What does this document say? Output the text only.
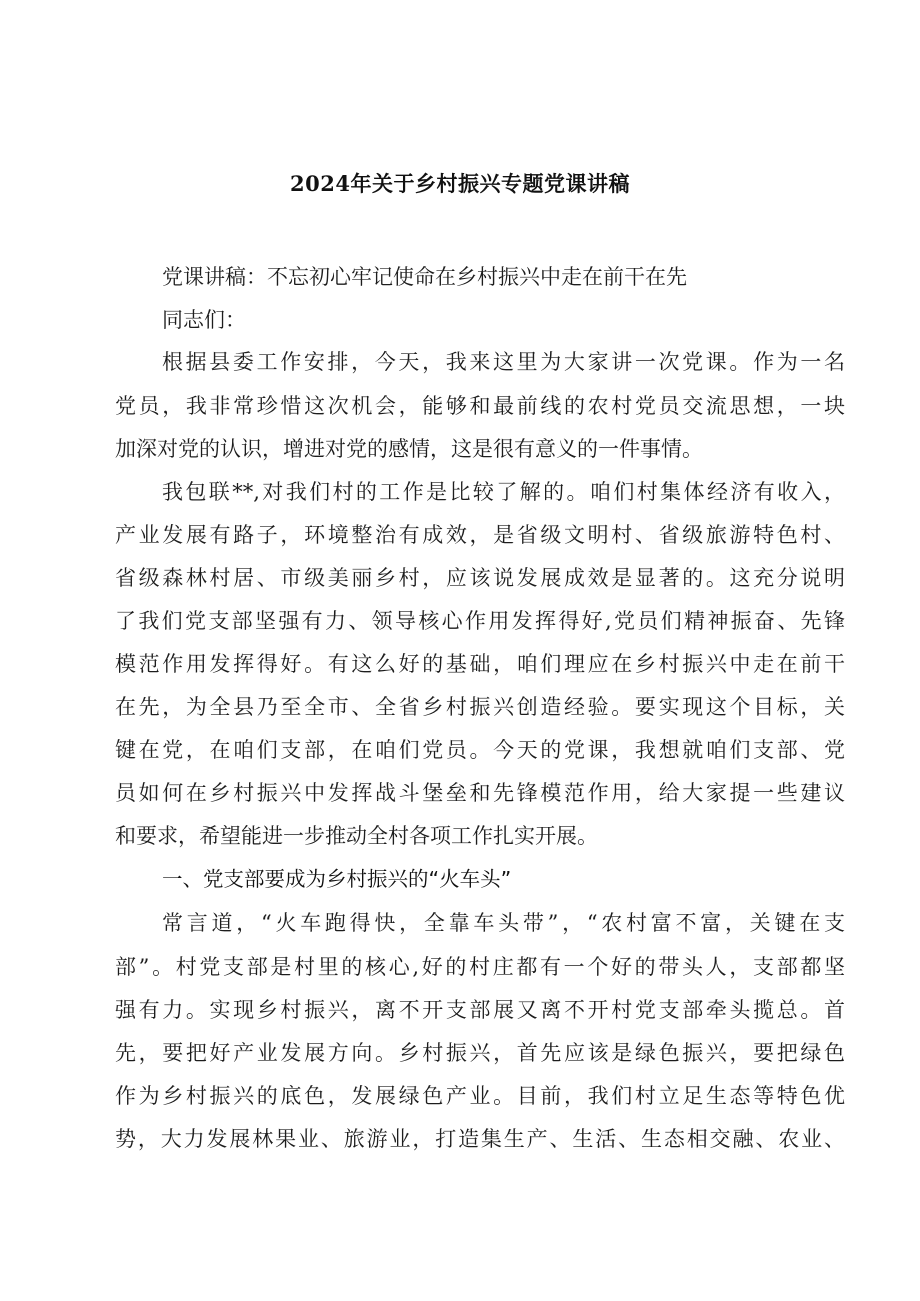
2024年关于乡村振兴专题党课讲稿
党课讲稿：不忘初心牢记使命在乡村振兴中走在前干在先
同志们：
根据县委工作安排，今天，我来这里为大家讲一次党课。作为一名
党员，我非常珍惜这次机会，能够和最前线的农村党员交流思想，一块
加深对党的认识，增进对党的感情，这是很有意义的一件事情。
我包联**,对我们村的工作是比较了解的。咱们村集体经济有收入，
产业发展有路子，环境整治有成效，是省级文明村、省级旅游特色村、
省级森林村居、市级美丽乡村，应该说发展成效是显著的。这充分说明
了我们党支部坚强有力、领导核心作用发挥得好,党员们精神振奋、先锋
模范作用发挥得好。有这么好的基础，咱们理应在乡村振兴中走在前干
在先，为全县乃至全市、全省乡村振兴创造经验。要实现这个目标，关
键在党，在咱们支部，在咱们党员。今天的党课，我想就咱们支部、党
员如何在乡村振兴中发挥战斗堡垒和先锋模范作用，给大家提一些建议
和要求，希望能进一步推动全村各项工作扎实开展。
一、党支部要成为乡村振兴的“火车头”
常言道，“火车跑得快，全靠车头带”，“农村富不富，关键在支
部”。村党支部是村里的核心,好的村庄都有一个好的带头人，支部都坚
强有力。实现乡村振兴，离不开支部展又离不开村党支部牵头揽总。首
先，要把好产业发展方向。乡村振兴，首先应该是绿色振兴，要把绿色
作为乡村振兴的底色，发展绿色产业。目前，我们村立足生态等特色优
势，大力发展林果业、旅游业，打造集生产、生活、生态相交融、农业、
